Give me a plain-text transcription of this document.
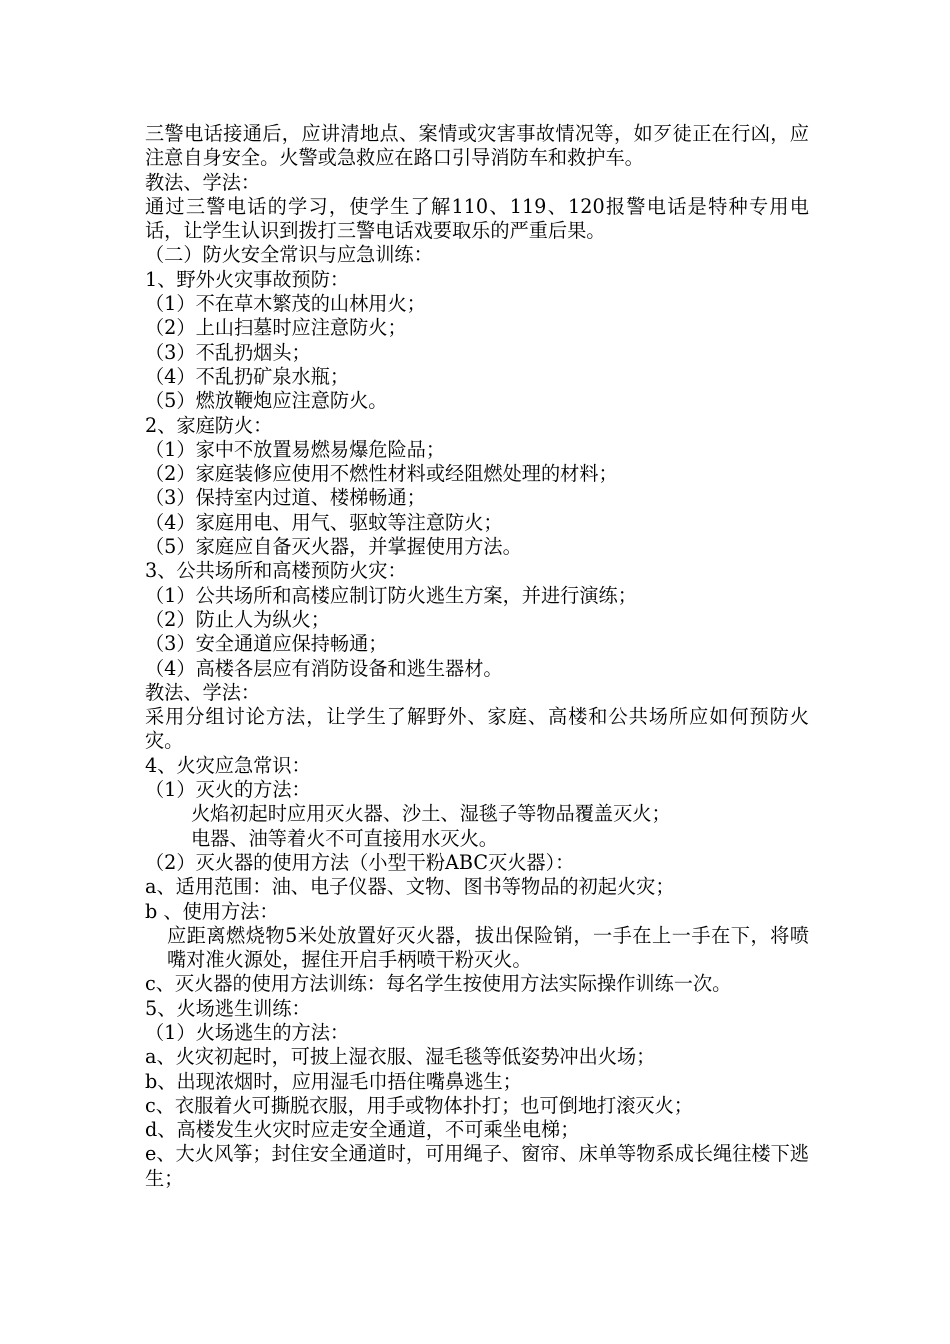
三警电话接通后，应讲清地点、案情或灾害事故情况等，如歹徒正在行凶，应注意自身安全。火警或急救应在路口引导消防车和救护车。
教法、学法：
通过三警电话的学习，使学生了解110、119、120报警电话是特种专用电话，让学生认识到拨打三警电话戏要取乐的严重后果。
（二）防火安全常识与应急训练：
1、野外火灾事故预防：
（1）不在草木繁茂的山林用火；
（2）上山扫墓时应注意防火；
（3）不乱扔烟头；
（4）不乱扔矿泉水瓶；
（5）燃放鞭炮应注意防火。
2、家庭防火：
（1）家中不放置易燃易爆危险品；
（2）家庭装修应使用不燃性材料或经阻燃处理的材料；
（3）保持室内过道、楼梯畅通；
（4）家庭用电、用气、驱蚊等注意防火；
（5）家庭应自备灭火器，并掌握使用方法。
3、公共场所和高楼预防火灾：
（1）公共场所和高楼应制订防火逃生方案，并进行演练；
（2）防止人为纵火；
（3）安全通道应保持畅通；
（4）高楼各层应有消防设备和逃生器材。
教法、学法：
采用分组讨论方法，让学生了解野外、家庭、高楼和公共场所应如何预防火灾。
4、火灾应急常识：
（1）灭火的方法：
火焰初起时应用灭火器、沙土、湿毯子等物品覆盖灭火；
电器、油等着火不可直接用水灭火。
（2）灭火器的使用方法（小型干粉ABC灭火器）：
a、适用范围：油、电子仪器、文物、图书等物品的初起火灾；
b 、使用方法：
应距离燃烧物5米处放置好灭火器，拔出保险销，一手在上一手在下，将喷嘴对准火源处，握住开启手柄喷干粉灭火。
c、灭火器的使用方法训练：每名学生按使用方法实际操作训练一次。
5、火场逃生训练：
（1）火场逃生的方法：
a、火灾初起时，可披上湿衣服、湿毛毯等低姿势冲出火场；
b、出现浓烟时，应用湿毛巾捂住嘴鼻逃生；
c、衣服着火可撕脱衣服，用手或物体扑打；也可倒地打滚灭火；
d、高楼发生火灾时应走安全通道，不可乘坐电梯；
e、大火风筝；封住安全通道时，可用绳子、窗帘、床单等物系成长绳往楼下逃生；
